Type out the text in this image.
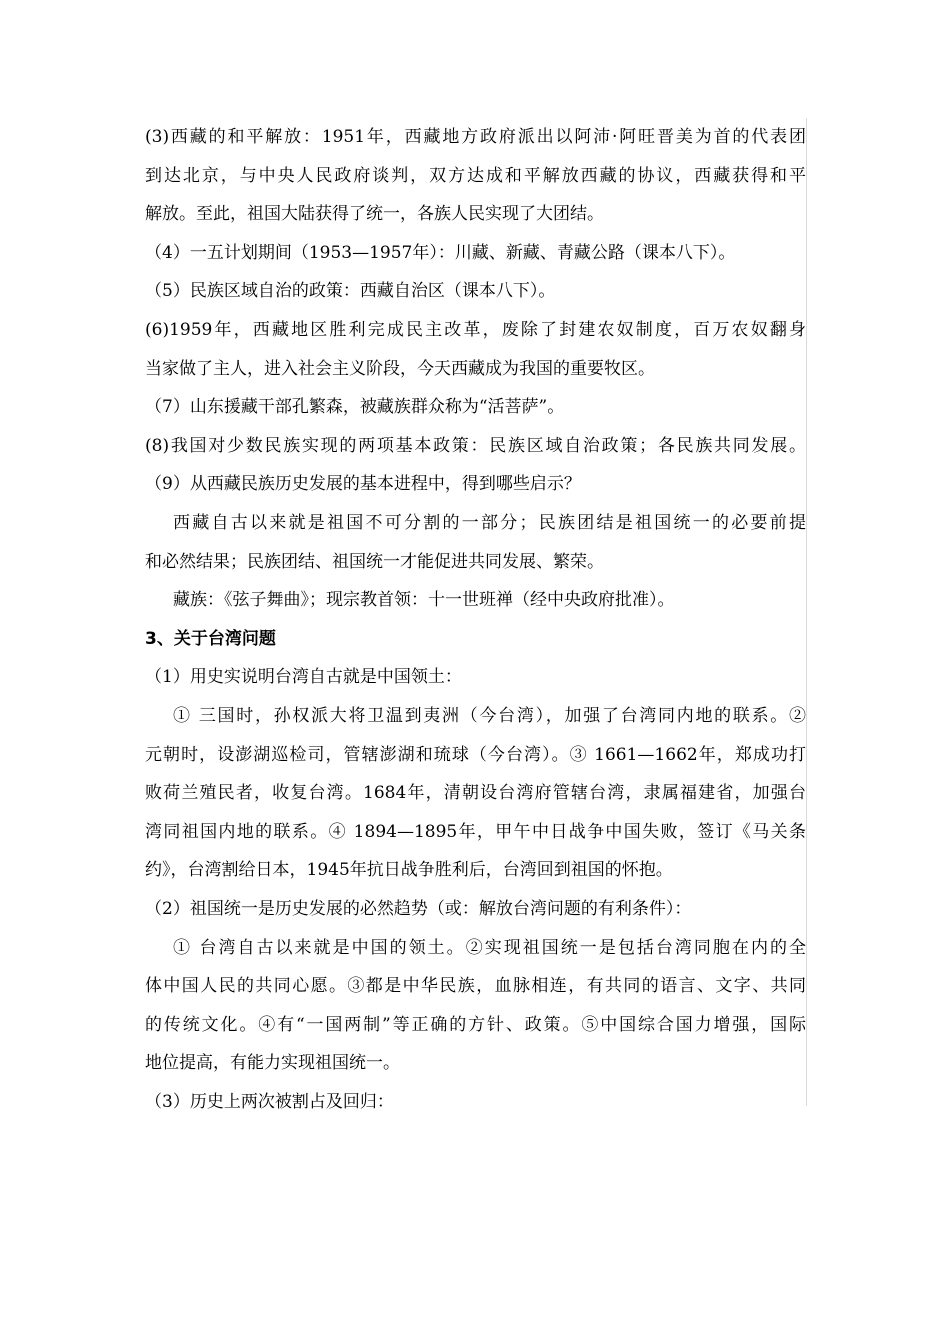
(3)西藏的和平解放：1951年，西藏地方政府派出以阿沛·阿旺晋美为首的代表团
到达北京，与中央人民政府谈判，双方达成和平解放西藏的协议，西藏获得和平
解放。至此，祖国大陆获得了统一，各族人民实现了大团结。
（4）一五计划期间（1953—1957年）：川藏、新藏、青藏公路（课本八下）。
（5）民族区域自治的政策：西藏自治区（课本八下）。
(6)1959年，西藏地区胜利完成民主改革，废除了封建农奴制度，百万农奴翻身
当家做了主人，进入社会主义阶段，今天西藏成为我国的重要牧区。
（7）山东援藏干部孔繁森，被藏族群众称为“活菩萨”。
(8)我国对少数民族实现的两项基本政策：民族区域自治政策；各民族共同发展。
（9）从西藏民族历史发展的基本进程中，得到哪些启示？
西藏自古以来就是祖国不可分割的一部分；民族团结是祖国统一的必要前提
和必然结果；民族团结、祖国统一才能促进共同发展、繁荣。
藏族：《弦子舞曲》；现宗教首领：十一世班禅（经中央政府批准）。
3、关于台湾问题
（1）用史实说明台湾自古就是中国领土：
① 三国时，孙权派大将卫温到夷洲（今台湾），加强了台湾同内地的联系。②
元朝时，设澎湖巡检司，管辖澎湖和琉球（今台湾）。③ 1661—1662年，郑成功打
败荷兰殖民者，收复台湾。1684年，清朝设台湾府管辖台湾，隶属福建省，加强台
湾同祖国内地的联系。④ 1894—1895年，甲午中日战争中国失败，签订《马关条
约》，台湾割给日本，1945年抗日战争胜利后，台湾回到祖国的怀抱。
（2）祖国统一是历史发展的必然趋势（或：解放台湾问题的有利条件）：
① 台湾自古以来就是中国的领土。②实现祖国统一是包括台湾同胞在内的全
体中国人民的共同心愿。③都是中华民族，血脉相连，有共同的语言、文字、共同
的传统文化。④有“一国两制”等正确的方针、政策。⑤中国综合国力增强，国际
地位提高，有能力实现祖国统一。
（3）历史上两次被割占及回归：
